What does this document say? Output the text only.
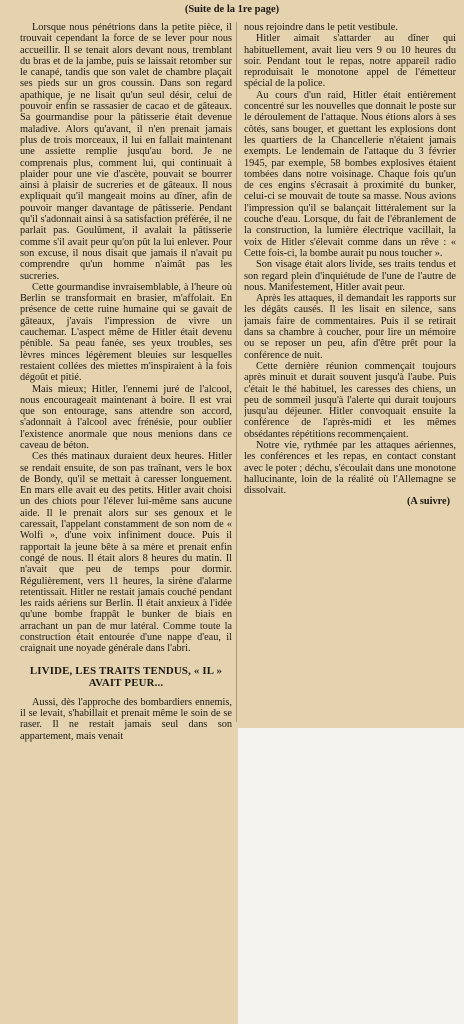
(Suite de la 1re page)

Lorsque nous pénétrions dans la petite pièce, il trouvait cependant la force de se lever pour nous accueillir. Il se tenait alors devant nous, tremblant du bras et de la jambe, puis se laissait retomber sur le canapé, tandis que son valet de chambre plaçait ses pieds sur un gros coussin. Dans son regard apathique, je ne lisait qu'un seul désir, celui de pouvoir enfin se rassasier de cacao et de gâteaux. Sa gourmandise pour la pâtisserie était devenue maladive. Alors qu'avant, il n'en prenait jamais plus de trois morceaux, il lui en fallait maintenant une assiette remplie jusqu'au bord. Je ne comprenais plus, comment lui, qui continuait à plaider pour une vie d'ascète, pouvait se bourrer ainsi à plaisir de sucreries et de gâteaux. Il nous expliquait qu'il mangeait moins au dîner, afin de pouvoir manger davantage de pâtisserie. Pendant qu'il s'adonnait ainsi à sa satisfaction préférée, il ne parlait pas. Goulûment, il avalait la pâtisserie comme s'il avait peur qu'on pût la lui enlever. Pour son excuse, il nous disait que jamais il n'avait pu comprendre qu'un homme n'aimât pas les sucreries.

Cette gourmandise invraisemblable, à l'heure où Berlin se transformait en brasier, m'affolait. En présence de cette ruine humaine qui se gavait de gâteaux, j'avais l'impression de vivre un cauchemar. L'aspect même de Hitler était devenu pénible. Sa peau fanée, ses yeux troubles, ses lèvres minces légèrement bleuies sur lesquelles restaient collées des miettes m'inspiraient à la fois dégoût et pitié.

Mais mieux; Hitler, l'ennemi juré de l'alcool, nous encourageait maintenant à boire. Il est vrai que son entourage, sans attendre son accord, s'adonnait à l'alcool avec frénésie, pour oublier l'existence anormale que nous menions dans ce caveau de béton.

Ces thés matinaux duraient deux heures. Hitler se rendait ensuite, de son pas traînant, vers le box de Bondy, qu'il se mettait à caresser longuement. En mars elle avait eu des petits. Hitler avait choisi un des chiots pour l'élever lui-même sans aucune aide. Il le prenait alors sur ses genoux et le caressait, l'appelant constamment de son nom de « Wolfi », d'une voix infiniment douce. Puis il rapportait la jeune bête à sa mère et prenait enfin congé de nous. Il était alors 8 heures du matin. Il n'avait que peu de temps pour dormir. Régulièrement, vers 11 heures, la sirène d'alarme retentissait. Hitler ne restait jamais couché pendant les raids aériens sur Berlin. Il était anxieux à l'idée qu'une bombe frappât le bunker de biais en arrachant un pan de mur latéral. Comme toute la construction était entourée d'une nappe d'eau, il craignait une noyade générale dans l'abri.

LIVIDE, LES TRAITS TENDUS, « IL » AVAIT PEUR...

Aussi, dès l'approche des bombardiers ennemis, il se levait, s'habillait et prenait même le soin de se raser. Il ne restait jamais seul dans son appartement, mais venait

nous rejoindre dans le petit vestibule.

Hitler aimait s'attarder au dîner qui habituellement, avait lieu vers 9 ou 10 heures du soir. Pendant tout le repas, notre appareil radio reproduisait le monotone appel de l'émetteur spécial de la police.

Au cours d'un raid, Hitler était entièrement concentré sur les nouvelles que donnait le poste sur le déroulement de l'attaque. Nous étions alors à ses côtés, sans bouger, et guettant les explosions dont les quartiers de la Chancellerie n'étaient jamais exempts. Le lendemain de l'attaque du 3 février 1945, par exemple, 58 bombes explosives étaient tombées dans notre voisinage. Chaque fois qu'un de ces engins s'écrasait à proximité du bunker, celui-ci se mouvait de toute sa masse. Nous avions l'impression qu'il se balançait littéralement sur la couche d'eau. Lorsque, du fait de l'ébranlement de la construction, la lumière électrique vacillait, la voix de Hitler s'élevait comme dans un rêve : « Cette fois-ci, la bombe aurait pu nous toucher ».

Son visage était alors livide, ses traits tendus et son regard plein d'inquiétude de l'une de l'autre de nous. Manifestement, Hitler avait peur.

Après les attaques, il demandait les rapports sur les dégâts causés. Il les lisait en silence, sans jamais faire de commentaires. Puis il se retirait dans sa chambre à coucher, pour lire un mémoire ou se reposer un peu, afin d'être prêt pour la conférence de nuit.

Cette dernière réunion commençait toujours après minuit et durait souvent jusqu'à l'aube. Puis c'était le thé habituel, les caresses des chiens, un peu de sommeil jusqu'à l'alerte qui durait toujours jusqu'au déjeuner. Hitler convoquait ensuite la conférence de l'après-midi et les mêmes obsédantes répétitions recommençaient.

Notre vie, rythmée par les attaques aériennes, les conférences et les repas, en contact constant avec le poter ; déchu, s'écoulait dans une monotone hallucinante, loin de la réalité où l'Allemagne se dissolvait.

(A suivre)
